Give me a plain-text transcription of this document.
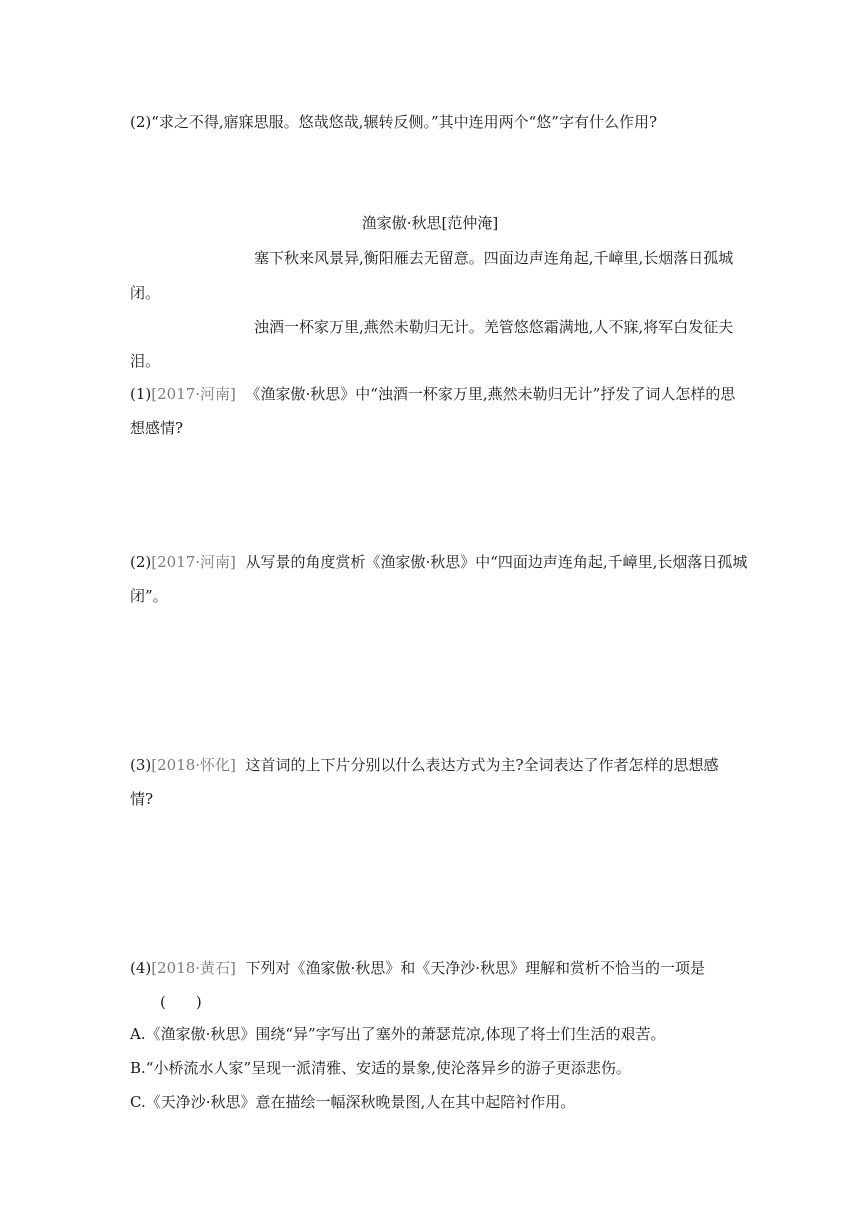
(2)“求之不得,寤寐思服。悠哉悠哉,辗转反侧。”其中连用两个“悠”字有什么作用?
渔家傲·秋思[范仲淹]
塞下秋来风景异,衡阳雁去无留意。四面边声连角起,千嶂里,长烟落日孤城
闭。
浊酒一杯家万里,燕然未勒归无计。羌管悠悠霜满地,人不寐,将军白发征夫
泪。
(1)[2017·河南] 《渔家傲·秋思》中“浊酒一杯家万里,燕然未勒归无计”抒发了词人怎样的思
想感情?
(2)[2017·河南] 从写景的角度赏析《渔家傲·秋思》中“四面边声连角起,千嶂里,长烟落日孤城
闭”。
(3)[2018·怀化] 这首词的上下片分别以什么表达方式为主?全词表达了作者怎样的思想感
情?
(4)[2018·黄石] 下列对《渔家傲·秋思》和《天净沙·秋思》理解和赏析不恰当的一项是
(　　)
A.《渔家傲·秋思》围绕“异”字写出了塞外的萧瑟荒凉,体现了将士们生活的艰苦。
B.“小桥流水人家”呈现一派清雅、安适的景象,使沦落异乡的游子更添悲伤。
C.《天净沙·秋思》意在描绘一幅深秋晚景图,人在其中起陪衬作用。
